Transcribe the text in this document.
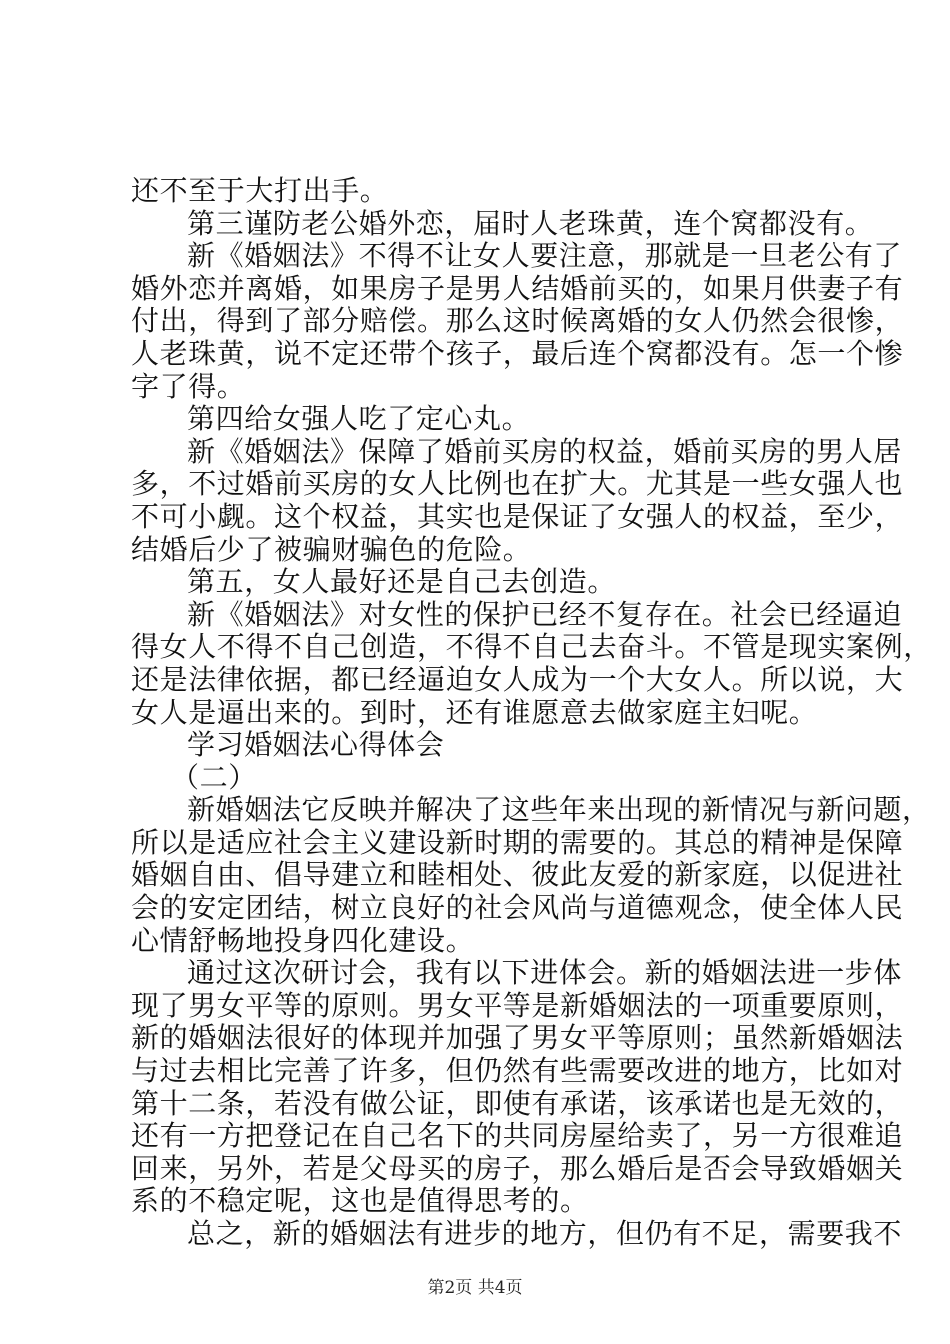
还不至于大打出手。
第三谨防老公婚外恋，届时人老珠黄，连个窝都没有。
新《婚姻法》不得不让女人要注意，那就是一旦老公有了
婚外恋并离婚，如果房子是男人结婚前买的，如果月供妻子有
付出，得到了部分赔偿。那么这时候离婚的女人仍然会很惨，
人老珠黄，说不定还带个孩子，最后连个窝都没有。怎一个惨
字了得。
第四给女强人吃了定心丸。
新《婚姻法》保障了婚前买房的权益，婚前买房的男人居
多，不过婚前买房的女人比例也在扩大。尤其是一些女强人也
不可小觑。这个权益，其实也是保证了女强人的权益，至少，
结婚后少了被骗财骗色的危险。
第五，女人最好还是自己去创造。
新《婚姻法》对女性的保护已经不复存在。社会已经逼迫
得女人不得不自己创造，不得不自己去奋斗。不管是现实案例，
还是法律依据，都已经逼迫女人成为一个大女人。所以说，大
女人是逼出来的。到时，还有谁愿意去做家庭主妇呢。
学习婚姻法心得体会
（二）
新婚姻法它反映并解决了这些年来出现的新情况与新问题，
所以是适应社会主义建设新时期的需要的。其总的精神是保障
婚姻自由、倡导建立和睦相处、彼此友爱的新家庭，以促进社
会的安定团结，树立良好的社会风尚与道德观念，使全体人民
心情舒畅地投身四化建设。
通过这次研讨会，我有以下进体会。新的婚姻法进一步体
现了男女平等的原则。男女平等是新婚姻法的一项重要原则，
新的婚姻法很好的体现并加强了男女平等原则；虽然新婚姻法
与过去相比完善了许多，但仍然有些需要改进的地方，比如对
第十二条，若没有做公证，即使有承诺，该承诺也是无效的，
还有一方把登记在自己名下的共同房屋给卖了，另一方很难追
回来，另外，若是父母买的房子，那么婚后是否会导致婚姻关
系的不稳定呢，这也是值得思考的。
总之，新的婚姻法有进步的地方，但仍有不足，需要我不
第2页 共4页
